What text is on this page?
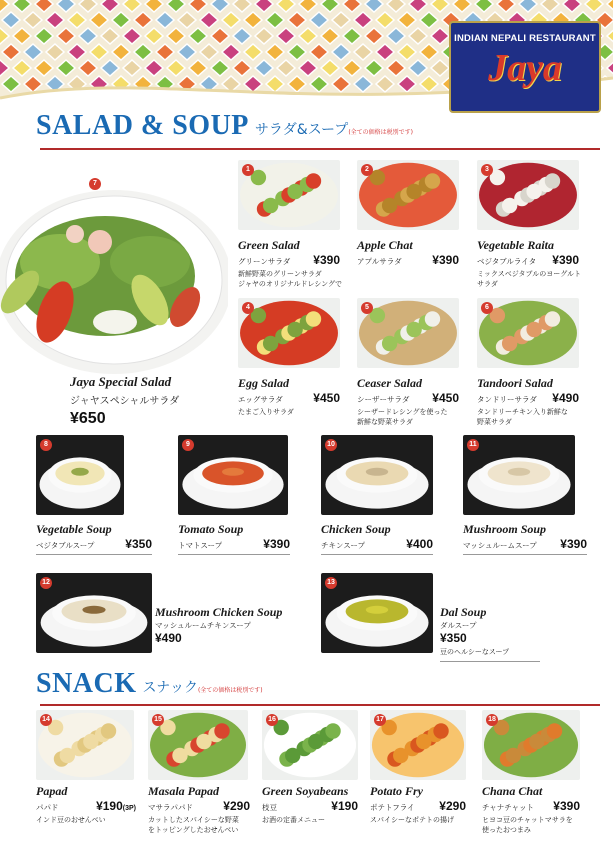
INDIAN NEPALI RESTAURANT
Jaya
SALAD & SOUP サラダ&スープ(全ての価格は税別です)
7
Jaya Special Salad
ジャヤスペシャルサラダ
¥650
1
Green Salad
グリーンサラダ ¥390
新鮮野菜のグリーンサラダ
ジャヤのオリジナルドレシングで
2
Apple Chat
アプルサラダ	¥390
3
Vegetable Raita
ベジタブルライタ ¥390
ミックスベジタブルのヨーグルト
サラダ
4
Egg Salad
エッグサラダ	¥450
たまご入りサラダ
5
Ceaser Salad
シーザーサラダ ¥450
シーザードレシングを使った
新鮮な野菜サラダ
6
Tandoori Salad
タンドリーサラダ ¥490
タンドリーチキン入り新鮮な
野菜サラダ
8
Vegetable Soup
ベジタブルスープ	¥350
9
Tomato Soup
トマトスープ	¥390
10
Chicken Soup
チキンスープ	¥400
11
Mushroom Soup
マッシュルームスープ ¥390
12
Mushroom Chicken Soup
マッシュルームチキンスープ
¥490
13
Dal Soup
ダルスープ
¥350
豆のヘルシーなスープ
14
Papad
パパド	¥190(3P)
インド豆のおせんべい
15
Masala Papad
マサラパパド	¥290
カットしたスパイシーな野菜
をトッピングしたおせんべい
16
Green Soyabeans
枝豆	¥190
お酒の定番メニュー
17
Potato Fry
ポテトフライ ¥290
スパイシーなポテトの揚げ
18
Chana Chat
チャナチャット ¥390
ヒヨコ豆のチャットマサラを
使ったおつまみ
SNACK スナック(全ての価格は税別です)
